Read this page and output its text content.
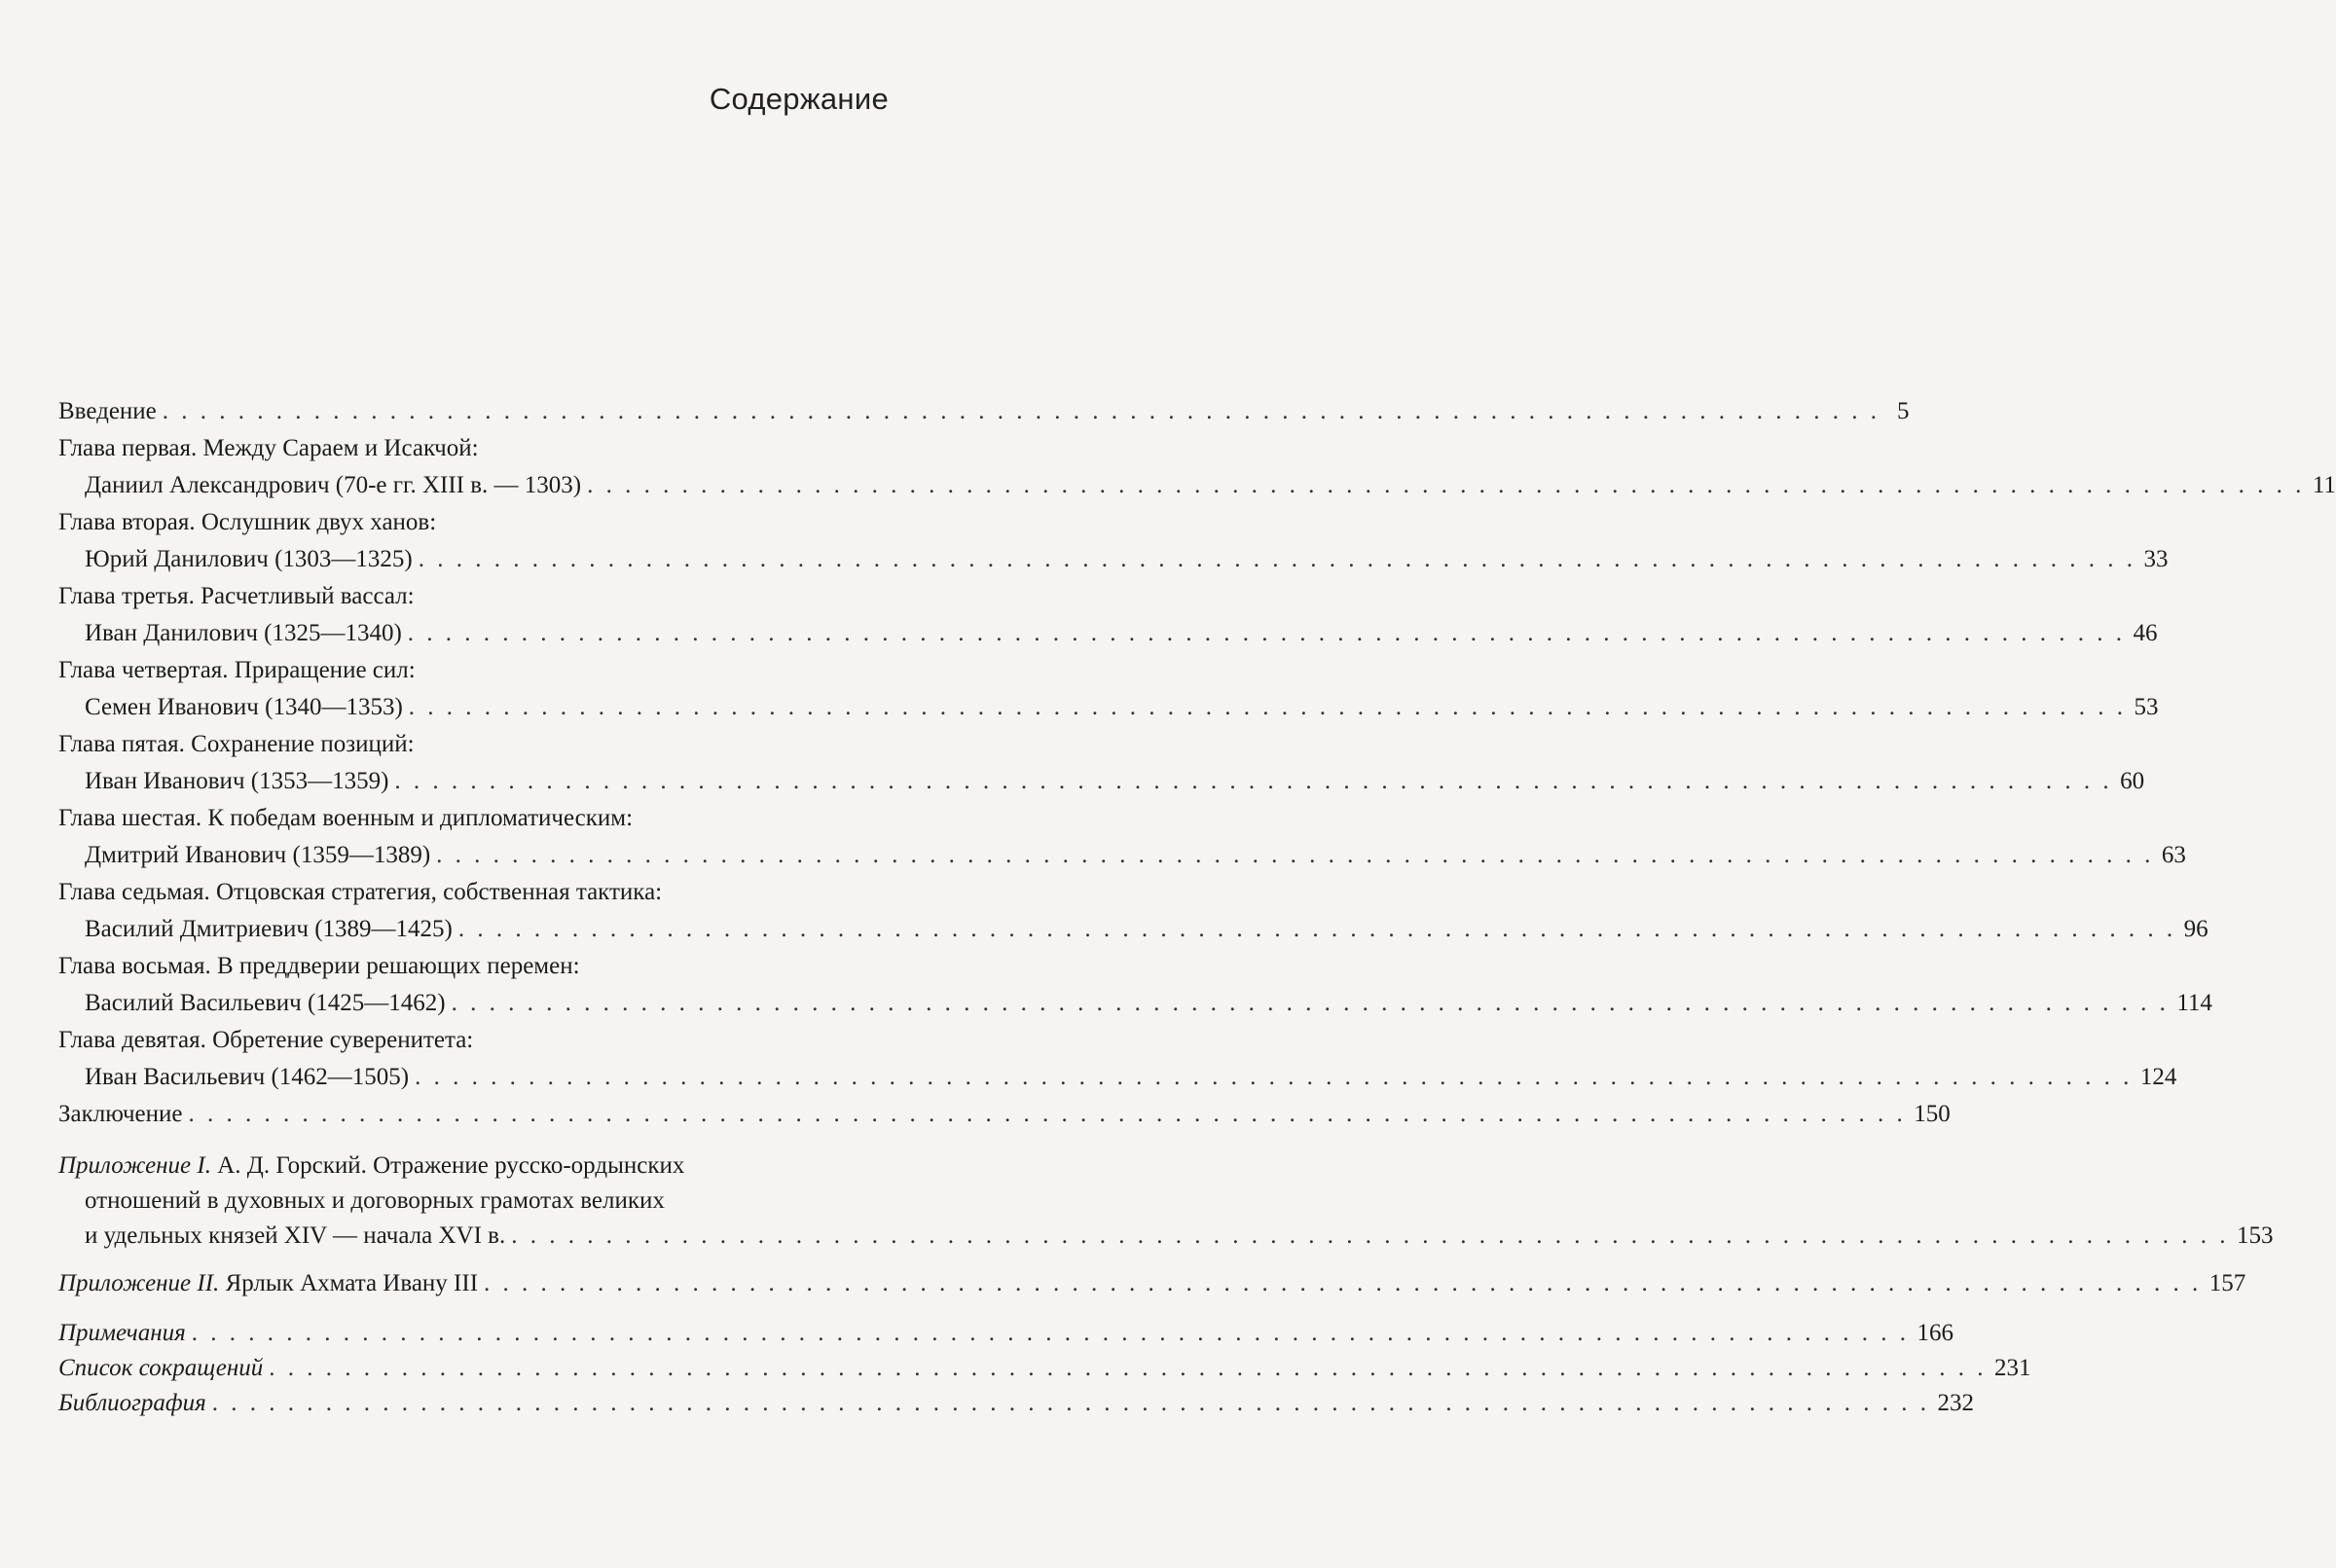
Содержание
Введение . . . . . . . . . . . . . . . . . . . . . . . . . . . . . . . . . . . . . . . . . . . . . . . . . . . . . . . . . . . . . . . . . . . . . . . . . . . . . . . . . . . . . . . . . . . 5
Глава первая. Между Сараем и Исакчой:
Даниил Александрович (70-е гг. XIII в. — 1303) . . . . . . . . . . . . . . . . . . . . . . . . . . . . . . . . . . . . . . . . . . . . . . . . . . . . . . . . . . . . . . . . . . . . . . . . . . . . . . . . . . . . . . . . . . . 11
Глава вторая. Ослушник двух ханов:
Юрий Данилович (1303—1325) . . . . . . . . . . . . . . . . . . . . . . . . . . . . . . . . . . . . . . . . . . . . . . . . . . . . . . . . . . . . . . . . . . . . . . . . . . . . . . . . . . . . . . . . . . . 33
Глава третья. Расчетливый вассал:
Иван Данилович (1325—1340) . . . . . . . . . . . . . . . . . . . . . . . . . . . . . . . . . . . . . . . . . . . . . . . . . . . . . . . . . . . . . . . . . . . . . . . . . . . . . . . . . . . . . . . . . . . 46
Глава четвертая. Приращение сил:
Семен Иванович (1340—1353) . . . . . . . . . . . . . . . . . . . . . . . . . . . . . . . . . . . . . . . . . . . . . . . . . . . . . . . . . . . . . . . . . . . . . . . . . . . . . . . . . . . . . . . . . . . 53
Глава пятая. Сохранение позиций:
Иван Иванович (1353—1359) . . . . . . . . . . . . . . . . . . . . . . . . . . . . . . . . . . . . . . . . . . . . . . . . . . . . . . . . . . . . . . . . . . . . . . . . . . . . . . . . . . . . . . . . . . . 60
Глава шестая. К победам военным и дипломатическим:
Дмитрий Иванович (1359—1389) . . . . . . . . . . . . . . . . . . . . . . . . . . . . . . . . . . . . . . . . . . . . . . . . . . . . . . . . . . . . . . . . . . . . . . . . . . . . . . . . . . . . . . . . . . . 63
Глава седьмая. Отцовская стратегия, собственная тактика:
Василий Дмитриевич (1389—1425) . . . . . . . . . . . . . . . . . . . . . . . . . . . . . . . . . . . . . . . . . . . . . . . . . . . . . . . . . . . . . . . . . . . . . . . . . . . . . . . . . . . . . . . . . . . 96
Глава восьмая. В преддверии решающих перемен:
Василий Васильевич (1425—1462) . . . . . . . . . . . . . . . . . . . . . . . . . . . . . . . . . . . . . . . . . . . . . . . . . . . . . . . . . . . . . . . . . . . . . . . . . . . . . . . . . . . . . . . . . . . 114
Глава девятая. Обретение суверенитета:
Иван Васильевич (1462—1505) . . . . . . . . . . . . . . . . . . . . . . . . . . . . . . . . . . . . . . . . . . . . . . . . . . . . . . . . . . . . . . . . . . . . . . . . . . . . . . . . . . . . . . . . . . . 124
Заключение . . . . . . . . . . . . . . . . . . . . . . . . . . . . . . . . . . . . . . . . . . . . . . . . . . . . . . . . . . . . . . . . . . . . . . . . . . . . . . . . . . . . . . . . . . . 150
Приложение I. А. Д. Горский. Отражение русско-ордынских
отношений в духовных и договорных грамотах великих
и удельных князей XIV — начала XVI в. . . . . . . . . . . . . . . . . . . . . . . . . . . . . . . . . . . . . . . . . . . . . . . . . . . . . . . . . . . . . . . . . . . . . . . . . . . . . . . . . . . . . . . . . . . . 153
Приложение II. Ярлык Ахмата Ивану III . . . . . . . . . . . . . . . . . . . . . . . . . . . . . . . . . . . . . . . . . . . . . . . . . . . . . . . . . . . . . . . . . . . . . . . . . . . . . . . . . . . . . . . . . . . 157
Примечания . . . . . . . . . . . . . . . . . . . . . . . . . . . . . . . . . . . . . . . . . . . . . . . . . . . . . . . . . . . . . . . . . . . . . . . . . . . . . . . . . . . . . . . . . . . 166
Список сокращений . . . . . . . . . . . . . . . . . . . . . . . . . . . . . . . . . . . . . . . . . . . . . . . . . . . . . . . . . . . . . . . . . . . . . . . . . . . . . . . . . . . . . . . . . . . 231
Библиография . . . . . . . . . . . . . . . . . . . . . . . . . . . . . . . . . . . . . . . . . . . . . . . . . . . . . . . . . . . . . . . . . . . . . . . . . . . . . . . . . . . . . . . . . . . 232
